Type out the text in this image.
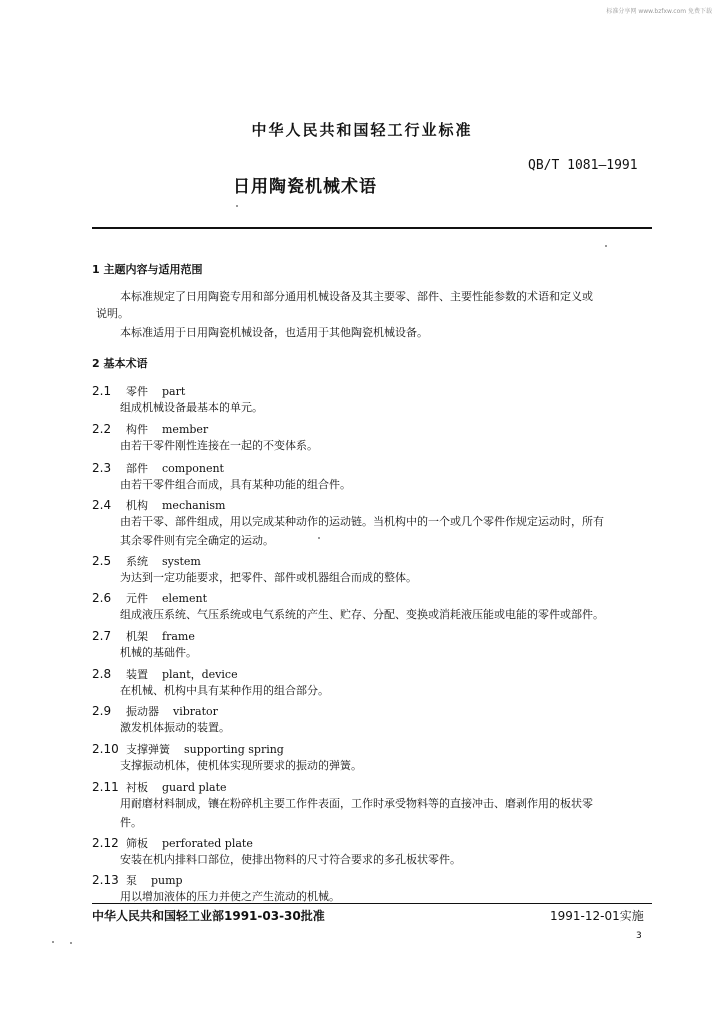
标准分享网 www.bzfxw.com 免费下载
中华人民共和国轻工行业标准
QB/T 1081—1991
日用陶瓷机械术语
1 主题内容与适用范围
本标准规定了日用陶瓷专用和部分通用机械设备及其主要零、部件、主要性能参数的术语和定义或
说明。
本标准适用于日用陶瓷机械设备，也适用于其他陶瓷机械设备。
2 基本术语
2.1 零件 part
组成机械设备最基本的单元。
2.2 构件 member
由若干零件刚性连接在一起的不变体系。
2.3 部件 component
由若干零件组合而成，具有某种功能的组合件。
2.4 机构 mechanism
由若干零、部件组成，用以完成某种动作的运动链。当机构中的一个或几个零件作规定运动时，所有
其余零件则有完全确定的运动。
2.5 系统 system
为达到一定功能要求，把零件、部件或机器组合而成的整体。
2.6 元件 element
组成液压系统、气压系统或电气系统的产生、贮存、分配、变换或消耗液压能或电能的零件或部件。
2.7 机架 frame
机械的基础件。
2.8 装置 plant，device
在机械、机构中具有某种作用的组合部分。
2.9 振动器 vibrator
激发机体振动的装置。
2.10 支撑弹簧 supporting spring
支撑振动机体，使机体实现所要求的振动的弹簧。
2.11 衬板 guard plate
用耐磨材料制成，镶在粉碎机主要工作件表面，工作时承受物料等的直接冲击、磨剥作用的板状零
件。
2.12 筛板 perforated plate
安装在机内排料口部位，使排出物料的尺寸符合要求的多孔板状零件。
2.13 泵 pump
用以增加液体的压力并使之产生流动的机械。
中华人民共和国轻工业部1991-03-30批准	1991-12-01实施
3
